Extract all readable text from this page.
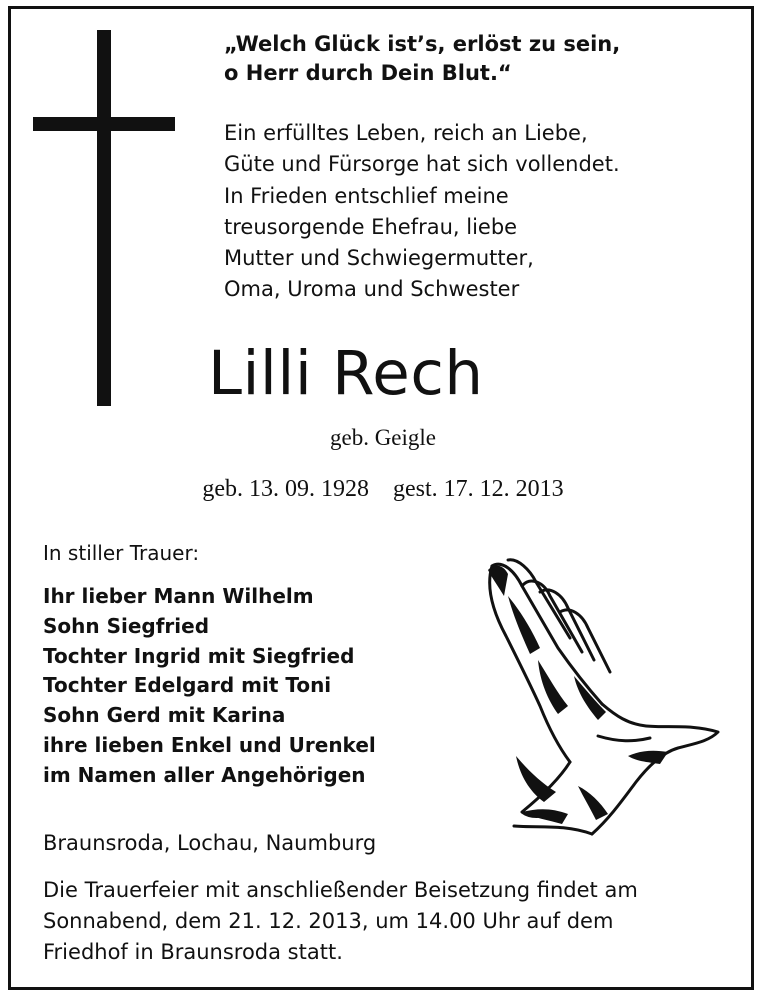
„Welch Glück ist’s, erlöst zu sein,
o Herr durch Dein Blut.“

Ein erfülltes Leben, reich an Liebe,
Güte und Fürsorge hat sich vollendet.
In Frieden entschlief meine
treusorgende Ehefrau, liebe
Mutter und Schwiegermutter,
Oma, Uroma und Schwester

Lilli Rech
geb. Geigle
geb. 13. 09. 1928 gest. 17. 12. 2013
In stiller Trauer:
Ihr lieber Mann Wilhelm
Sohn Siegfried
Tochter Ingrid mit Siegfried
Tochter Edelgard mit Toni
Sohn Gerd mit Karina
ihre lieben Enkel und Urenkel
im Namen aller Angehörigen
Braunsroda, Lochau, Naumburg

Die Trauerfeier mit anschließender Beisetzung findet am
Sonnabend, dem 21. 12. 2013, um 14.00 Uhr auf dem
Friedhof in Braunsroda statt.
